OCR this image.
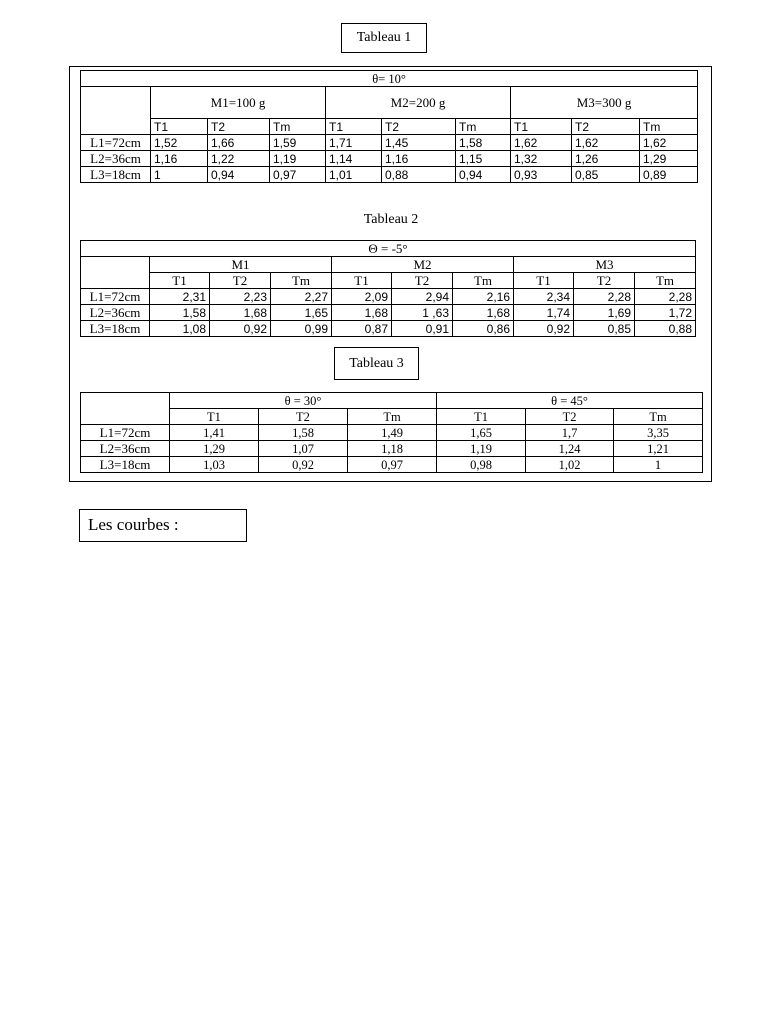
Tableau 1
θ= 10°									
	M1=100 g			M2=200 g			M3=300 g		
	T1	T2	Tm	T1	T2	Tm	T1	T2	Tm
L1=72cm	1,52	1,66	1,59	1,71	1,45	1,58	1,62	1,62	1,62
L2=36cm	1,16	1,22	1,19	1,14	1,16	1,15	1,32	1,26	1,29
L3=18cm	1	0,94	0,97	1,01	0,88	0,94	0,93	0,85	0,89
Tableau 2
Θ = -5°									
	M1			M2			M3		
	T1	T2	Tm	T1	T2	Tm	T1	T2	Tm
L1=72cm	2,31	2,23	2,27	2,09	2,94	2,16	2,34	2,28	2,28
L2=36cm	1,58	1,68	1,65	1,68	1 ,63	1,68	1,74	1,69	1,72
L3=18cm	1,08	0,92	0,99	0,87	0,91	0,86	0,92	0,85	0,88
Tableau 3
	θ = 30°			θ = 45°		
	T1	T2	Tm	T1	T2	Tm
L1=72cm	1,41	1,58	1,49	1,65	1,7	3,35
L2=36cm	1,29	1,07	1,18	1,19	1,24	1,21
L3=18cm	1,03	0,92	0,97	0,98	1,02	1
Les courbes :
